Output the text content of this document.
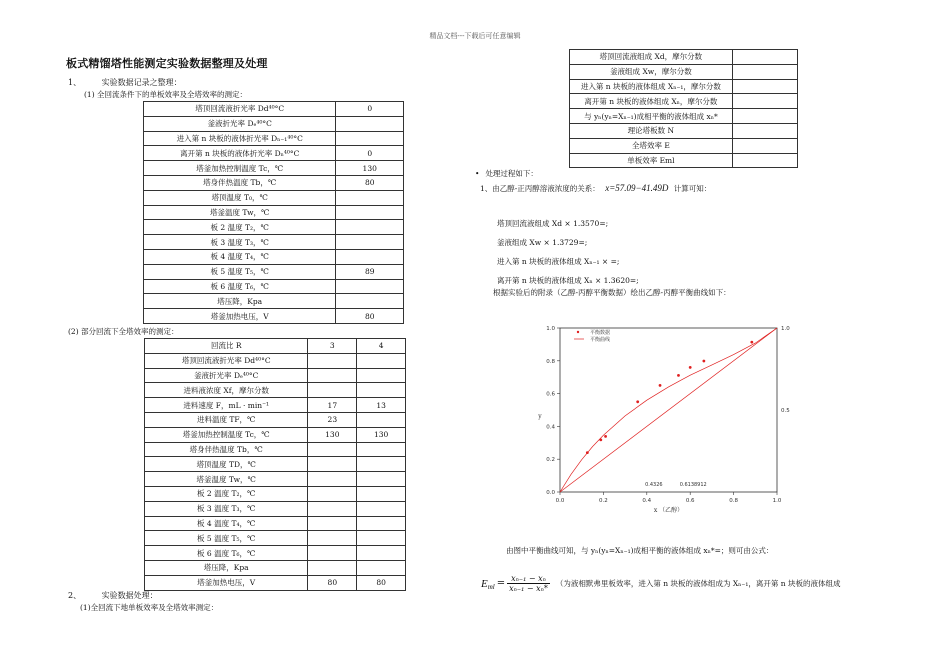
精品文档---下载后可任意编辑
板式精馏塔性能测定实验数据整理及处理
1、	实验数据记录之整理：
(1) 全回流条件下的单板效率及全塔效率的测定：
塔顶回流液折光率 Dd⁴⁰°C	0
釜液折光率 Dₑ⁴⁰°C	
进入第 n 块板的液体折光率 Dₙ₋₁⁴⁰°C	
离开第 n 块板的液体折光率 Dₙ⁴⁰°C	0
塔釜加热控制温度 Tc，℃	130
塔身伴热温度 Tb，℃	80
塔顶温度 T₀，℃	
塔釜温度 Tw，℃	
板 2 温度 T₂，℃	
板 3 温度 T₃，℃	
板 4 温度 T₄，℃	
板 5 温度 T₅，℃	89
板 6 温度 T₆，℃	
塔压降，Kpa	
塔釜加热电压，V	80
(2) 部分回流下全塔效率的测定：
回流比 R	3	4
塔顶回流液折光率 Dd⁴⁰°C		
釜液折光率 Dₑ⁴⁰°C		
进料液浓度 Xf，摩尔分数		
进料速度 F，mL · min⁻¹	17	13
进料温度 TF，℃	23	
塔釜加热控制温度 Tc，℃	130	130
塔身伴热温度 Tb，℃		
塔顶温度 TD，℃		
塔釜温度 Tw，℃		
板 2 温度 T₂，℃		
板 3 温度 T₃，℃		
板 4 温度 T₄，℃		
板 5 温度 T₅，℃		
板 6 温度 T₆，℃		
塔压降，Kpa		
塔釜加热电压，V	80	80
2、	实验数据处理：
(1)全回流下地单板效率及全塔效率测定：
塔顶回流液组成 Xd，摩尔分数	
釜液组成 Xw，摩尔分数	
进入第 n 块板的液体组成 Xₙ₋₁，摩尔分数	
离开第 n 块板的液体组成 Xₙ，摩尔分数	
与 yₙ(yₙ=Xₙ₋₁)成相平衡的液体组成 xₙ*	
理论塔板数 N	
全塔效率 E	
单板效率 Eml	
• 处理过程如下：
1、由乙醇-正丙醇溶液浓度的关系： x=57.09−41.49D 计算可知：
塔顶回流液组成 Xd × 1.3570=;
釜液组成 Xw × 1.3729=;
进入第 n 块板的液体组成 Xₙ₋₁ × =;
离开第 n 块板的液体组成 Xₙ × 1.3620=;
根据实验后的附录（乙醇-丙醇平衡数据）绘出乙醇-丙醇平衡曲线如下：
0.0	0.2	0.4	0.6	0.8	1.0
0.0
0.2
0.4
0.6
0.8
1.0	1.0
0.5
x （乙醇）
y
0.4326	0.6138912
平衡数据
平衡曲线
由图中平衡曲线可知，与 yₙ(yₙ=Xₙ₋₁)成相平衡的液体组成 xₙ*=；则可由公式：
E ml = $\frac{\text{xₙ₋₁ − xₙ}}{\text{xₙ₋₁ − xₙ*}}$ （为液相默弗里板效率，进入第 n 块板的液体组成为 Xₙ₋₁，离开第 n 块板的液体组成
